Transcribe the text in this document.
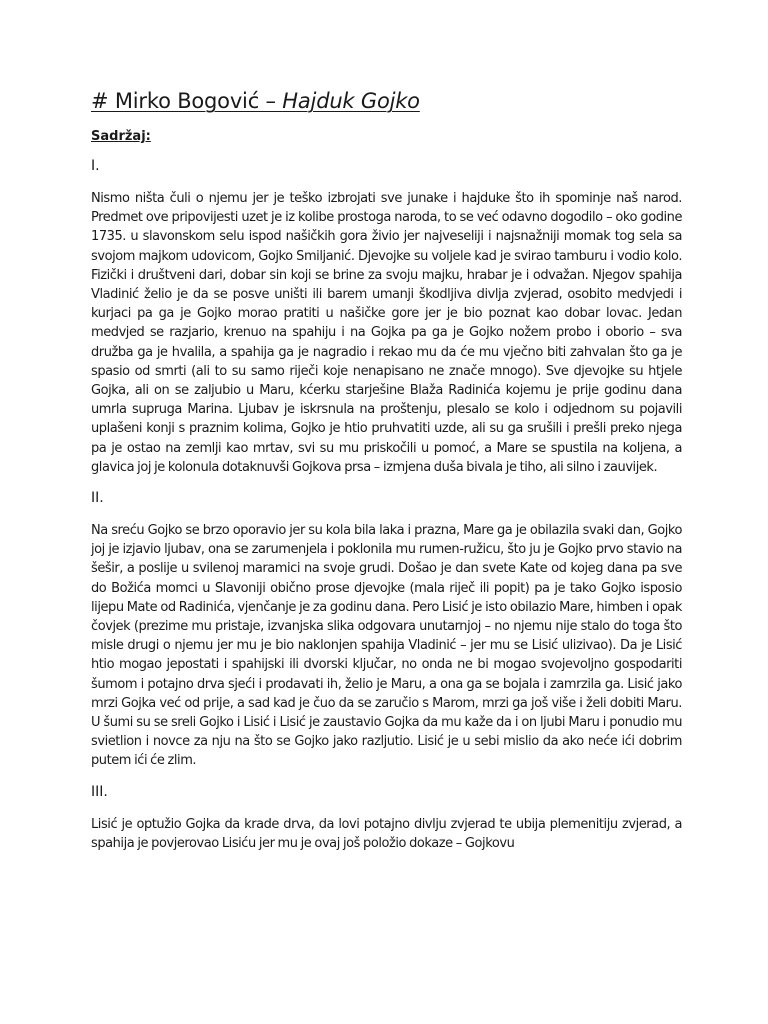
# Mirko Bogović – Hajduk Gojko
Sadržaj:
I.

Nismo ništa čuli o njemu jer je teško izbrojati sve junake i hajduke što ih spominje naš narod. Predmet ove pripovijesti uzet je iz kolibe prostoga naroda, to se već odavno dogodilo – oko godine 1735. u slavonskom selu ispod našičkih gora živio jer najveseliji i najsnažniji momak tog sela sa svojom majkom udovicom, Gojko Smiljanić. Djevojke su voljele kad je svirao tamburu i vodio kolo. Fizički i društveni dari, dobar sin koji se brine za svoju majku, hrabar je i odvažan. Njegov spahija Vladinić želio je da se posve uništi ili barem umanji škodljiva divlja zvjerad, osobito medvjedi i kurjaci pa ga je Gojko morao pratiti u našičke gore jer je bio poznat kao dobar lovac. Jedan medvjed se razjario, krenuo na spahiju i na Gojka pa ga je Gojko nožem probo i oborio – sva družba ga je hvalila, a spahija ga je nagradio i rekao mu da će mu vječno biti zahvalan što ga je spasio od smrti (ali to su samo riječi koje nenapisano ne znače mnogo). Sve djevojke su htjele Gojka, ali on se zaljubio u Maru, kćerku starješine Blaža Radinića kojemu je prije godinu dana umrla supruga Marina. Ljubav je iskrsnula na proštenju, plesalo se kolo i odjednom su pojavili uplašeni konji s praznim kolima, Gojko je htio pruhvatiti uzde, ali su ga srušili i prešli preko njega pa je ostao na zemlji kao mrtav, svi su mu priskočili u pomoć, a Mare se spustila na koljena, a glavica joj je kolonula dotaknuvši Gojkova prsa – izmjena duša bivala je tiho, ali silno i zauvijek.

II.

Na sreću Gojko se brzo oporavio jer su kola bila laka i prazna, Mare ga je obilazila svaki dan, Gojko joj je izjavio ljubav, ona se zarumenjela i poklonila mu rumen-ružicu, što ju je Gojko prvo stavio na šešir, a poslije u svilenoj maramici na svoje grudi. Došao je dan svete Kate od kojeg dana pa sve do Božića momci u Slavoniji obično prose djevojke (mala riječ ili popit) pa je tako Gojko isposio lijepu Mate od Radinića, vjenčanje je za godinu dana. Pero Lisić je isto obilazio Mare, himben i opak čovjek (prezime mu pristaje, izvanjska slika odgovara unutarnjoj – no njemu nije stalo do toga što misle drugi o njemu jer mu je bio naklonjen spahija Vladinić – jer mu se Lisić ulizivao). Da je Lisić htio mogao jepostati i spahijski ili dvorski ključar, no onda ne bi mogao svojevoljno gospodariti šumom i potajno drva sjeći i prodavati ih, želio je Maru, a ona ga se bojala i zamrzila ga. Lisić jako mrzi Gojka već od prije, a sad kad je čuo da se zaručio s Marom, mrzi ga još više i želi dobiti Maru. U šumi su se sreli Gojko i Lisić i Lisić je zaustavio Gojka da mu kaže da i on ljubi Maru i ponudio mu svietlion i novce za nju na što se Gojko jako razljutio. Lisić je u sebi mislio da ako neće ići dobrim putem ići će zlim.

III.

Lisić je optužio Gojka da krade drva, da lovi potajno divlju zvjerad te ubija plemenitiju zvjerad, a spahija je povjerovao Lisiću jer mu je ovaj još položio dokaze – Gojkovu
